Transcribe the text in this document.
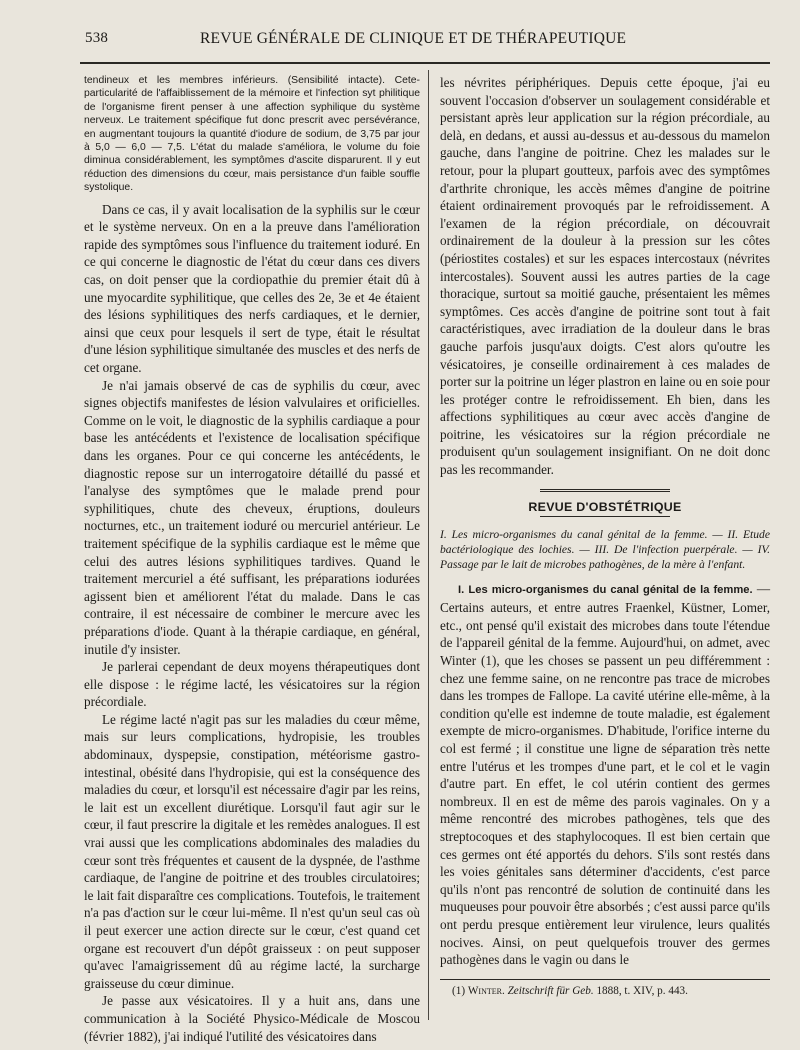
538	REVUE GÉNÉRALE DE CLINIQUE ET DE THÉRAPEUTIQUE

tendineux et les membres inférieurs. (Sensibilité intacte). Cete-particularité de l'affaiblissement de la mémoire et l'infection syt philitique de l'organisme firent penser à une affection syphilique du système nerveux. Le traitement spécifique fut donc prescrit avec persévérance, en augmentant toujours la quantité d'iodure de sodium, de 3,75 par jour à 5,0 — 6,0 — 7,5. L'état du malade s'améliora, le volume du foie diminua considérablement, les symptômes d'ascite disparurent. Il y eut réduction des dimensions du cœur, mais persistance d'un faible souffle systolique.

Dans ce cas, il y avait localisation de la syphilis sur le cœur et le système nerveux. On en a la preuve dans l'amélioration rapide des symptômes sous l'influence du traitement ioduré. En ce qui concerne le diagnostic de l'état du cœur dans ces divers cas, on doit penser que la cordiopathie du premier était dû à une myocardite syphilitique, que celles des 2e, 3e et 4e étaient des lésions syphilitiques des nerfs cardiaques, et le dernier, ainsi que ceux pour lesquels il sert de type, était le résultat d'une lésion syphilitique simultanée des muscles et des nerfs de cet organe.

Je n'ai jamais observé de cas de syphilis du cœur, avec signes objectifs manifestes de lésion valvulaires et orificielles. Comme on le voit, le diagnostic de la syphilis cardiaque a pour base les antécédents et l'existence de localisation spécifique dans les organes. Pour ce qui concerne les antécédents, le diagnostic repose sur un interrogatoire détaillé du passé et l'analyse des symptômes que le malade prend pour syphilitiques, chute des cheveux, éruptions, douleurs nocturnes, etc., un traitement ioduré ou mercuriel antérieur. Le traitement spécifique de la syphilis cardiaque est le même que celui des autres lésions syphilitiques tardives. Quand le traitement mercuriel a été suffisant, les préparations iodurées agissent bien et améliorent l'état du malade. Dans le cas contraire, il est nécessaire de combiner le mercure avec les préparations d'iode. Quant à la thérapie cardiaque, en général, inutile d'y insister.

Je parlerai cependant de deux moyens thérapeutiques dont elle dispose : le régime lacté, les vésicatoires sur la région précordiale.

Le régime lacté n'agit pas sur les maladies du cœur même, mais sur leurs complications, hydropisie, les troubles abdominaux, dyspepsie, constipation, météorisme gastro-intestinal, obésité dans l'hydropisie, qui est la conséquence des maladies du cœur, et lorsqu'il est nécessaire d'agir par les reins, le lait est un excellent diurétique. Lorsqu'il faut agir sur le cœur, il faut prescrire la digitale et les remèdes analogues. Il est vrai aussi que les complications abdominales des maladies du cœur sont très fréquentes et causent de la dyspnée, de l'asthme cardiaque, de l'angine de poitrine et des troubles circulatoires; le lait fait disparaître ces complications. Toutefois, le traitement n'a pas d'action sur le cœur lui-même. Il n'est qu'un seul cas où il peut exercer une action directe sur le cœur, c'est quand cet organe est recouvert d'un dépôt graisseux : on peut supposer qu'avec l'amaigrissement dû au régime lacté, la surcharge graisseuse du cœur diminue.

Je passe aux vésicatoires. Il y a huit ans, dans une communication à la Société Physico-Médicale de Moscou (février 1882), j'ai indiqué l'utilité des vésicatoires dans

les névrites périphériques. Depuis cette époque, j'ai eu souvent l'occasion d'observer un soulagement considérable et persistant après leur application sur la région précordiale, au delà, en dedans, et aussi au-dessus et au-dessous du mamelon gauche, dans l'angine de poitrine. Chez les malades sur le retour, pour la plupart goutteux, parfois avec des symptômes d'arthrite chronique, les accès mêmes d'angine de poitrine étaient ordinairement provoqués par le refroidissement. A l'examen de la région précordiale, on découvrait ordinairement de la douleur à la pression sur les côtes (périostites costales) et sur les espaces intercostaux (névrites intercostales). Souvent aussi les autres parties de la cage thoracique, surtout sa moitié gauche, présentaient les mêmes symptômes. Ces accès d'angine de poitrine sont tout à fait caractéristiques, avec irradiation de la douleur dans le bras gauche parfois jusqu'aux doigts. C'est alors qu'outre les vésicatoires, je conseille ordinairement à ces malades de porter sur la poitrine un léger plastron en laine ou en soie pour les protéger contre le refroidissement. Eh bien, dans les affections syphilitiques au cœur avec accès d'angine de poitrine, les vésicatoires sur la région précordiale ne produisent qu'un soulagement insignifiant. On ne doit donc pas les recommander.

REVUE D'OBSTÉTRIQUE

I. Les micro-organismes du canal génital de la femme. — II. Etude bactériologique des lochies. — III. De l'infection puerpérale. — IV. Passage par le lait de microbes pathogènes, de la mère à l'enfant.

I. Les micro-organismes du canal génital de la femme. — Certains auteurs, et entre autres Fraenkel, Küstner, Lomer, etc., ont pensé qu'il existait des microbes dans toute l'étendue de l'appareil génital de la femme. Aujourd'hui, on admet, avec Winter (1), que les choses se passent un peu différemment : chez une femme saine, on ne rencontre pas trace de microbes dans les trompes de Fallope. La cavité utérine elle-même, à la condition qu'elle est indemne de toute maladie, est également exempte de micro-organismes. D'habitude, l'orifice interne du col est fermé ; il constitue une ligne de séparation très nette entre l'utérus et les trompes d'une part, et le col et le vagin d'autre part. En effet, le col utérin contient des germes nombreux. Il en est de même des parois vaginales. On y a même rencontré des microbes pathogènes, tels que des streptocoques et des staphylocoques. Il est bien certain que ces germes ont été apportés du dehors. S'ils sont restés dans les voies génitales sans déterminer d'accidents, c'est parce qu'ils n'ont pas rencontré de solution de continuité dans les muqueuses pour pouvoir être absorbés ; c'est aussi parce qu'ils ont perdu presque entièrement leur virulence, leurs qualités nocives. Ainsi, on peut quelquefois trouver des germes pathogènes dans le vagin ou dans le

(1) Winter. Zeitschrift für Geb. 1888, t. XIV, p. 443.
